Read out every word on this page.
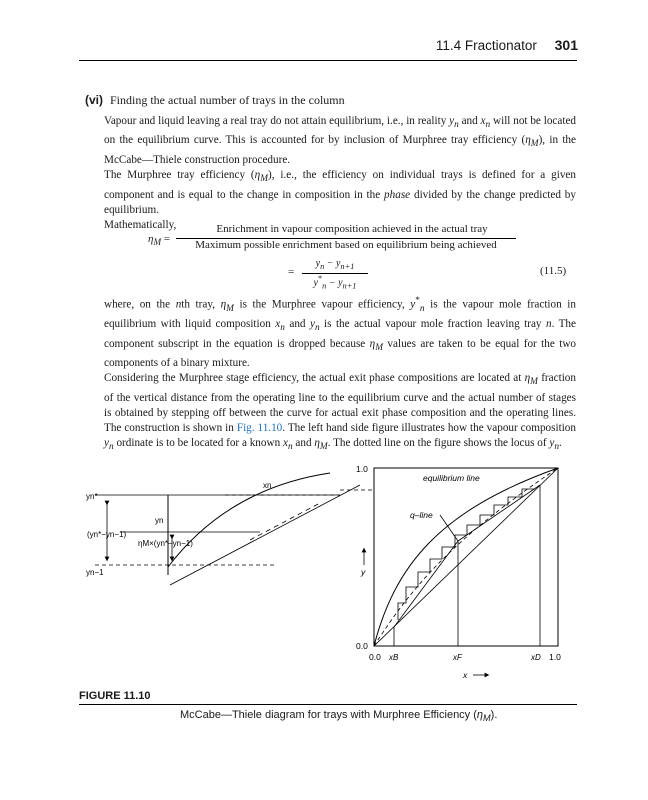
11.4 Fractionator 301
(vi) Finding the actual number of trays in the column

Vapour and liquid leaving a real tray do not attain equilibrium, i.e., in reality $y_n$ and $x_n$ will not be located on the equilibrium curve. This is accounted for by inclusion of Murphree tray efficiency $(\eta_M)$, in the McCabe—Thiele construction procedure.

The Murphree tray efficiency $(\eta_M)$, i.e., the efficiency on individual trays is defined for a given component and is equal to the change in composition in the phase divided by the change predicted by equilibrium.

Mathematically,

$\eta_M$ =
Enrichment in vapour composition achieved in the actual tray
Maximum possible enrichment based on equilibrium being achieved
=
$y_n - y_{n+1}$
$y^*_n - y_{n+1}$
(11.5)

where, on the nth tray, $\eta_M$ is the Murphree vapour efficiency, $y^*_n$ is the vapour mole fraction in equilibrium with liquid composition $x_n$ and $y_n$ is the actual vapour mole fraction leaving tray n. The component subscript in the equation is dropped because $\eta_M$ values are taken to be equal for the two components of a binary mixture.

Considering the Murphree stage efficiency, the actual exit phase compositions are located at $\eta_M$ fraction of the vertical distance from the operating line to the equilibrium curve and the actual number of stages is obtained by stepping off between the curve for actual exit phase composition and the operating lines. The construction is shown in Fig. 11.10. The left hand side figure illustrates how the vapour composition $y_n$ ordinate is to be located for a known $x_n$ and $\eta_M$. The dotted line on the figure shows the locus of $y_n$.

xn
yn*
yn
(yn*−yn−1)
ηM×(yn*−yn−1)
yn−1
1.0
0.0
0.0 xB	xF	xD 1.0
equilibrium line
q–line
y
x
FIGURE 11.10
McCabe—Thiele diagram for trays with Murphree Efficiency $(\eta_M)$.
